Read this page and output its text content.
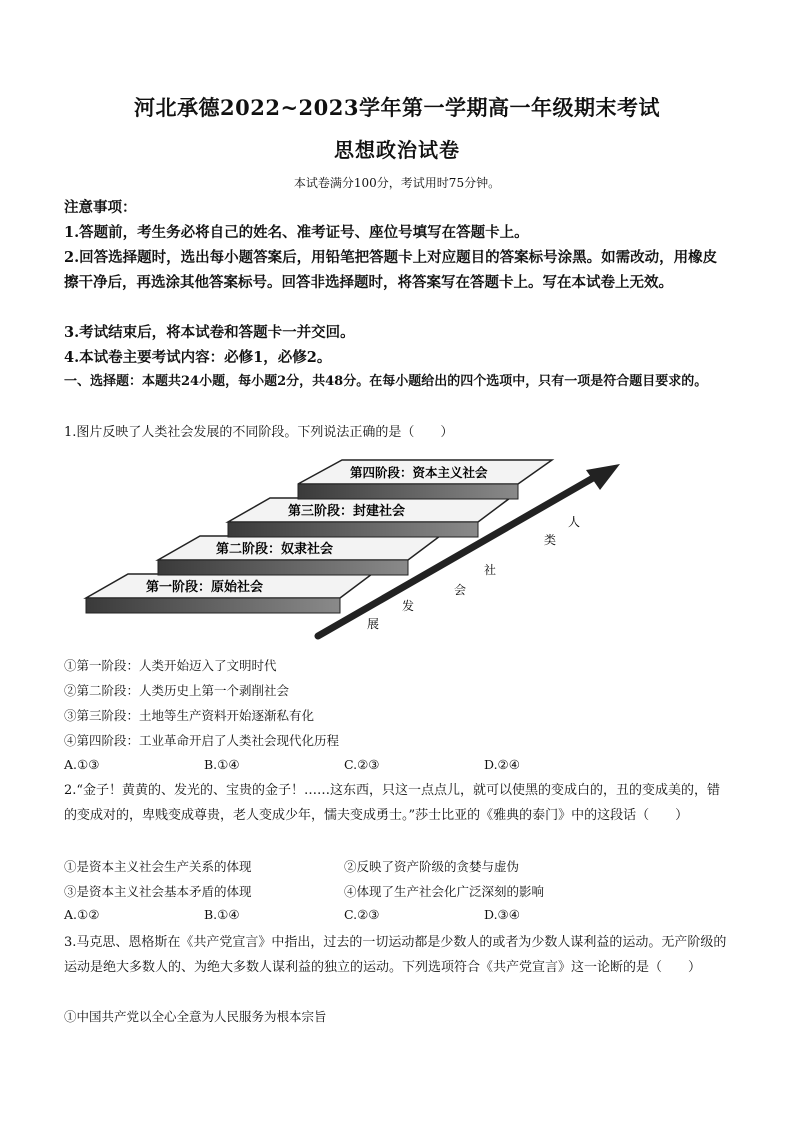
河北承德2022~2023学年第一学期高一年级期末考试
思想政治试卷
本试卷满分100分，考试用时75分钟。
注意事项：
1.答题前，考生务必将自己的姓名、准考证号、座位号填写在答题卡上。
2.回答选择题时，选出每小题答案后，用铅笔把答题卡上对应题目的答案标号涂黑。如需改动，用橡皮擦干净后，再选涂其他答案标号。回答非选择题时，将答案写在答题卡上。写在本试卷上无效。
3.考试结束后，将本试卷和答题卡一并交回。
4.本试卷主要考试内容：必修1，必修2。
一、选择题：本题共24小题，每小题2分，共48分。在每小题给出的四个选项中，只有一项是符合题目要求的。
1.图片反映了人类社会发展的不同阶段。下列说法正确的是（　　）
第一阶段：原始社会
第二阶段：奴隶社会
第三阶段：封建社会
第四阶段：资本主义社会
人
类
社
会
发
展
①第一阶段：人类开始迈入了文明时代
②第二阶段：人类历史上第一个剥削社会
③第三阶段：土地等生产资料开始逐渐私有化
④第四阶段：工业革命开启了人类社会现代化历程
A.①③	B.①④	C.②③	D.②④
2.“金子！黄黄的、发光的、宝贵的金子！……这东西，只这一点点儿，就可以使黑的变成白的，丑的变成美的，错的变成对的，卑贱变成尊贵，老人变成少年，懦夫变成勇士。”莎士比亚的《雅典的泰门》中的这段话（　　）
①是资本主义社会生产关系的体现	②反映了资产阶级的贪婪与虚伪
③是资本主义社会基本矛盾的体现	④体现了生产社会化广泛深刻的影响
A.①②	B.①④	C.②③	D.③④
3.马克思、恩格斯在《共产党宣言》中指出，过去的一切运动都是少数人的或者为少数人谋利益的运动。无产阶级的运动是绝大多数人的、为绝大多数人谋利益的独立的运动。下列选项符合《共产党宣言》这一论断的是（　　）
①中国共产党以全心全意为人民服务为根本宗旨
